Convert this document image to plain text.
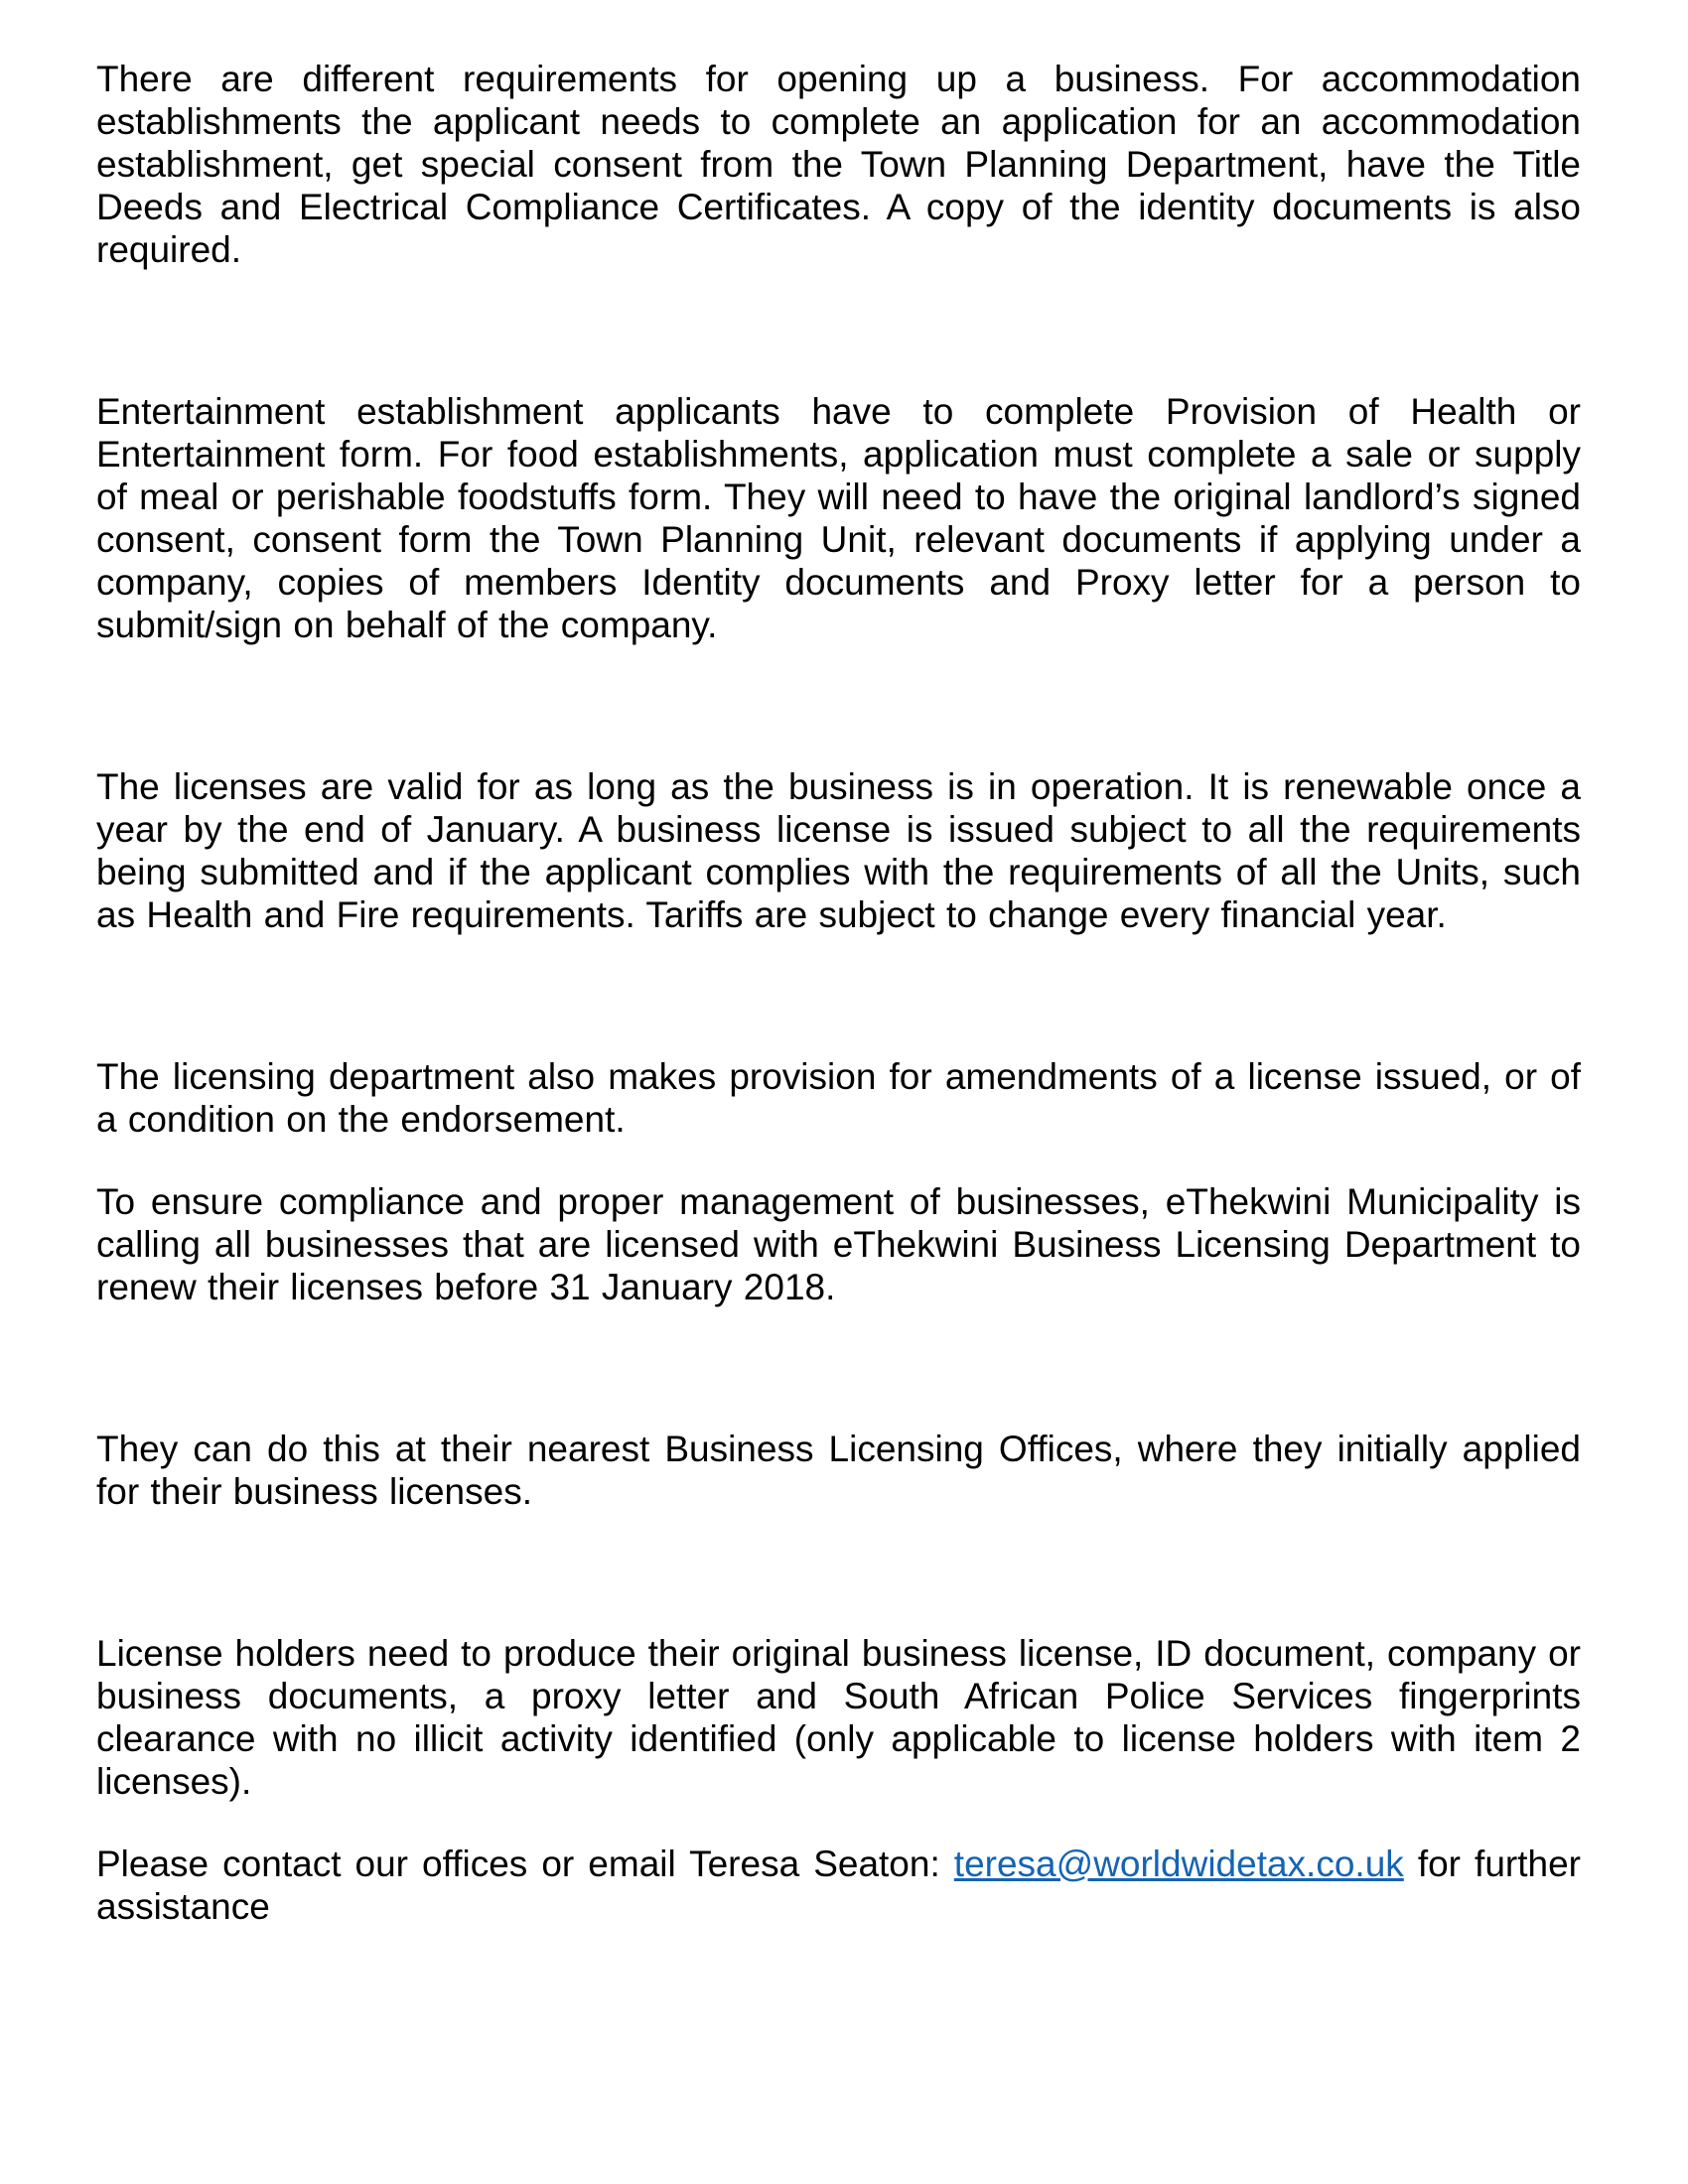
There are different requirements for opening up a business. For accommodation establishments the applicant needs to complete an application for an accommodation establishment, get special consent from the Town Planning Department, have the Title Deeds and Electrical Compliance Certificates. A copy of the identity documents is also required.

Entertainment establishment applicants have to complete Provision of Health or Entertainment form. For food establishments, application must complete a sale or supply of meal or perishable foodstuffs form. They will need to have the original landlord’s signed consent, consent form the Town Planning Unit, relevant documents if applying under a company, copies of members Identity documents and Proxy letter for a person to submit/sign on behalf of the company.

The licenses are valid for as long as the business is in operation. It is renewable once a year by the end of January. A business license is issued subject to all the requirements being submitted and if the applicant complies with the requirements of all the Units, such as Health and Fire requirements. Tariffs are subject to change every financial year.

The licensing department also makes provision for amendments of a license issued, or of a condition on the endorsement.

To ensure compliance and proper management of businesses, eThekwini Municipality is calling all businesses that are licensed with eThekwini Business Licensing Department to renew their licenses before 31 January 2018.

They can do this at their nearest Business Licensing Offices, where they initially applied for their business licenses.

License holders need to produce their original business license, ID document, company or business documents, a proxy letter and South African Police Services fingerprints clearance with no illicit activity identified (only applicable to license holders with item 2 licenses).

Please contact our offices or email Teresa Seaton: teresa@worldwidetax.co.uk for further assistance
